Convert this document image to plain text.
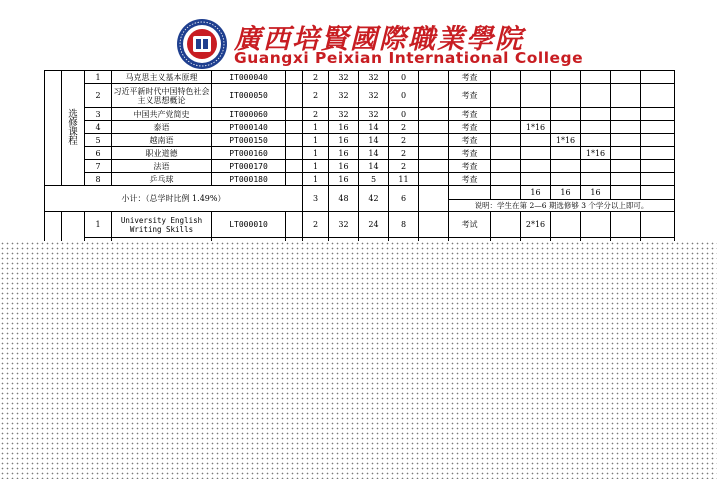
廣西培賢國際職業學院
Guangxi Peixian International College
	选
修
课
程	1	马克思主义基本原理	IT000040		2	32	32	0		考查						
		2	习近平新时代中国特色社会主义思想概论	IT000050		2	32	32	0		考查						
		3	中国共产党简史	IT000060		2	32	32	0		考查						
		4	泰语	PT000140		1	16	14	2		考查		1*16				
		5	越南语	PT000150		1	16	14	2		考查			1*16			
		6	职业道德	PT000160		1	16	14	2		考查				1*16		
		7	法语	PT000170		1	16	14	2		考查						
		8	乒乓球	PT000180		1	16	5	11		考查						
小计：（总学时比例 1.49%）						3	48	42	6				16	16	16		
											说明：学生在第 2—6 期选修够 3 个学分以上即可。						
		1	University English Writing Skills	LT000010		2	32	24	8		考试		2*16				
